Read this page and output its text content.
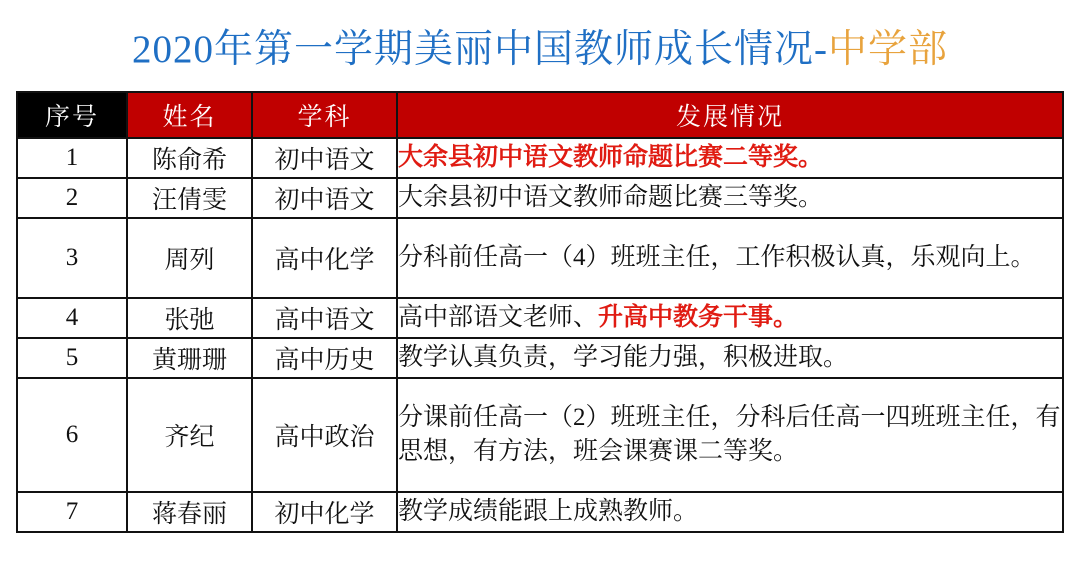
2020年第一学期美丽中国教师成长情况-中学部
序号	姓名	学科	发展情况
1	陈俞希	初中语文	大余县初中语文教师命题比赛二等奖。
2	汪倩雯	初中语文	大余县初中语文教师命题比赛三等奖。
3	周列	高中化学	分科前任高一（4）班班主任，工作积极认真，乐观向上。
4	张弛	高中语文	高中部语文老师、升高中教务干事。
5	黄珊珊	高中历史	教学认真负责，学习能力强，积极进取。
6	齐纪	高中政治	分课前任高一（2）班班主任，分科后任高一四班班主任，有思想，有方法，班会课赛课二等奖。
7	蒋春丽	初中化学	教学成绩能跟上成熟教师。
